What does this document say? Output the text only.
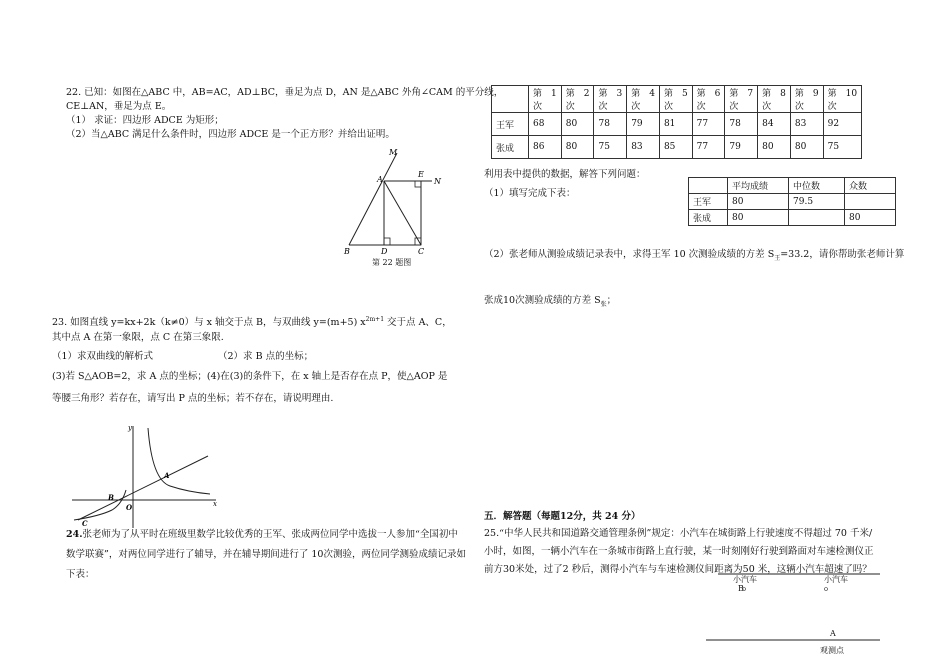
22. 已知：如图在△ABC 中，AB=AC，AD⊥BC，垂足为点 D，AN 是△ABC 外角∠CAM 的平分线，
CE⊥AN，垂足为点 E。
（1） 求证：四边形 ADCE 为矩形；
（2）当△ABC 满足什么条件时，四边形 ADCE 是一个正方形？并给出证明。
M
A
E
N
B	D	C
第 22 题图
23. 如图直线 y=kx+2k（k≠0）与 x 轴交于点 B，与双曲线 y=(m+5) $x^{2m+1}$ 交于点 A、C，
其中点 A 在第一象限，点 C 在第三象限.
（1）求双曲线的解析式	（2）求 B 点的坐标；
(3)若 S△AOB=2，求 A 点的坐标；(4)在(3)的条件下，在 x 轴上是否存在点 P，使△AOP 是
等腰三角形？若存在，请写出 P 点的坐标；若不存在，请说明理由.
y
x
A
B
O
C
24.张老师为了从平时在班级里数学比较优秀的王军、张成两位同学中选拔一人参加“全国初中
数学联赛”，对两位同学进行了辅导，并在辅导期间进行了 10次测验，两位同学测验成绩记录如
下表：
	第　1
次	第　2
次	第　3
次	第　4
次	第　5
次	第　6
次	第　7
次	第　8
次	第　9
次	第　10
次

王军	68	80	78	79	81	77	78	84	83	92
张成	86	80	75	83	85	77	79	80	80	75
利用表中提供的数据，解答下列问题：
（1）填写完成下表：
	平均成绩	中位数	众数
王军	80	79.5	
张成	80		80
（2）张老师从测验成绩记录表中，求得王军 10 次测验成绩的方差 $S_王=33.2$，请你帮助张老师计算
张成10次测验成绩的方差 $S_张$；
五．解答题（每题12分，共 24 分）
25.“中华人民共和国道路交通管理条例”规定：小汽车在城街路上行驶速度不得超过 70 千米/
小时，如图，一辆小汽车在一条城市街路上直行驶，某一时刻刚好行驶到路面对车速检测仪正
前方30米处，过了2 秒后，测得小汽车与车速检测仪间距离为50 米，这辆小汽车超速了吗？
小汽车
B
小汽车
A
观测点
